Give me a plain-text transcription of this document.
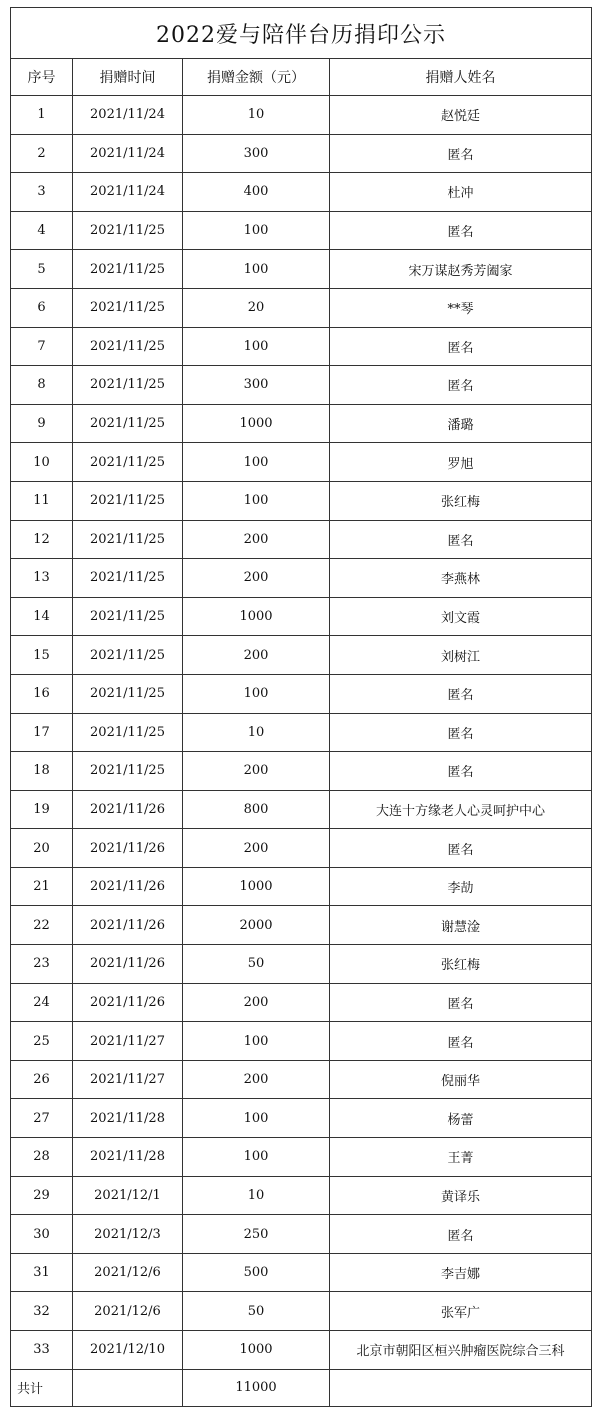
2022爱与陪伴台历捐印公示			
序号	捐赠时间	捐赠金额（元）	捐赠人姓名
1	2021/11/24	10	赵悦廷
2	2021/11/24	300	匿名
3	2021/11/24	400	杜冲
4	2021/11/25	100	匿名
5	2021/11/25	100	宋万谋赵秀芳阖家
6	2021/11/25	20	**琴
7	2021/11/25	100	匿名
8	2021/11/25	300	匿名
9	2021/11/25	1000	潘璐
10	2021/11/25	100	罗旭
11	2021/11/25	100	张红梅
12	2021/11/25	200	匿名
13	2021/11/25	200	李燕林
14	2021/11/25	1000	刘文霞
15	2021/11/25	200	刘树江
16	2021/11/25	100	匿名
17	2021/11/25	10	匿名
18	2021/11/25	200	匿名
19	2021/11/26	800	大连十方缘老人心灵呵护中心
20	2021/11/26	200	匿名
21	2021/11/26	1000	李劼
22	2021/11/26	2000	谢慧淦
23	2021/11/26	50	张红梅
24	2021/11/26	200	匿名
25	2021/11/27	100	匿名
26	2021/11/27	200	倪丽华
27	2021/11/28	100	杨蕾
28	2021/11/28	100	王菁
29	2021/12/1	10	黄译乐
30	2021/12/3	250	匿名
31	2021/12/6	500	李吉娜
32	2021/12/6	50	张军广
33	2021/12/10	1000	北京市朝阳区桓兴肿瘤医院综合三科
共计		11000	
